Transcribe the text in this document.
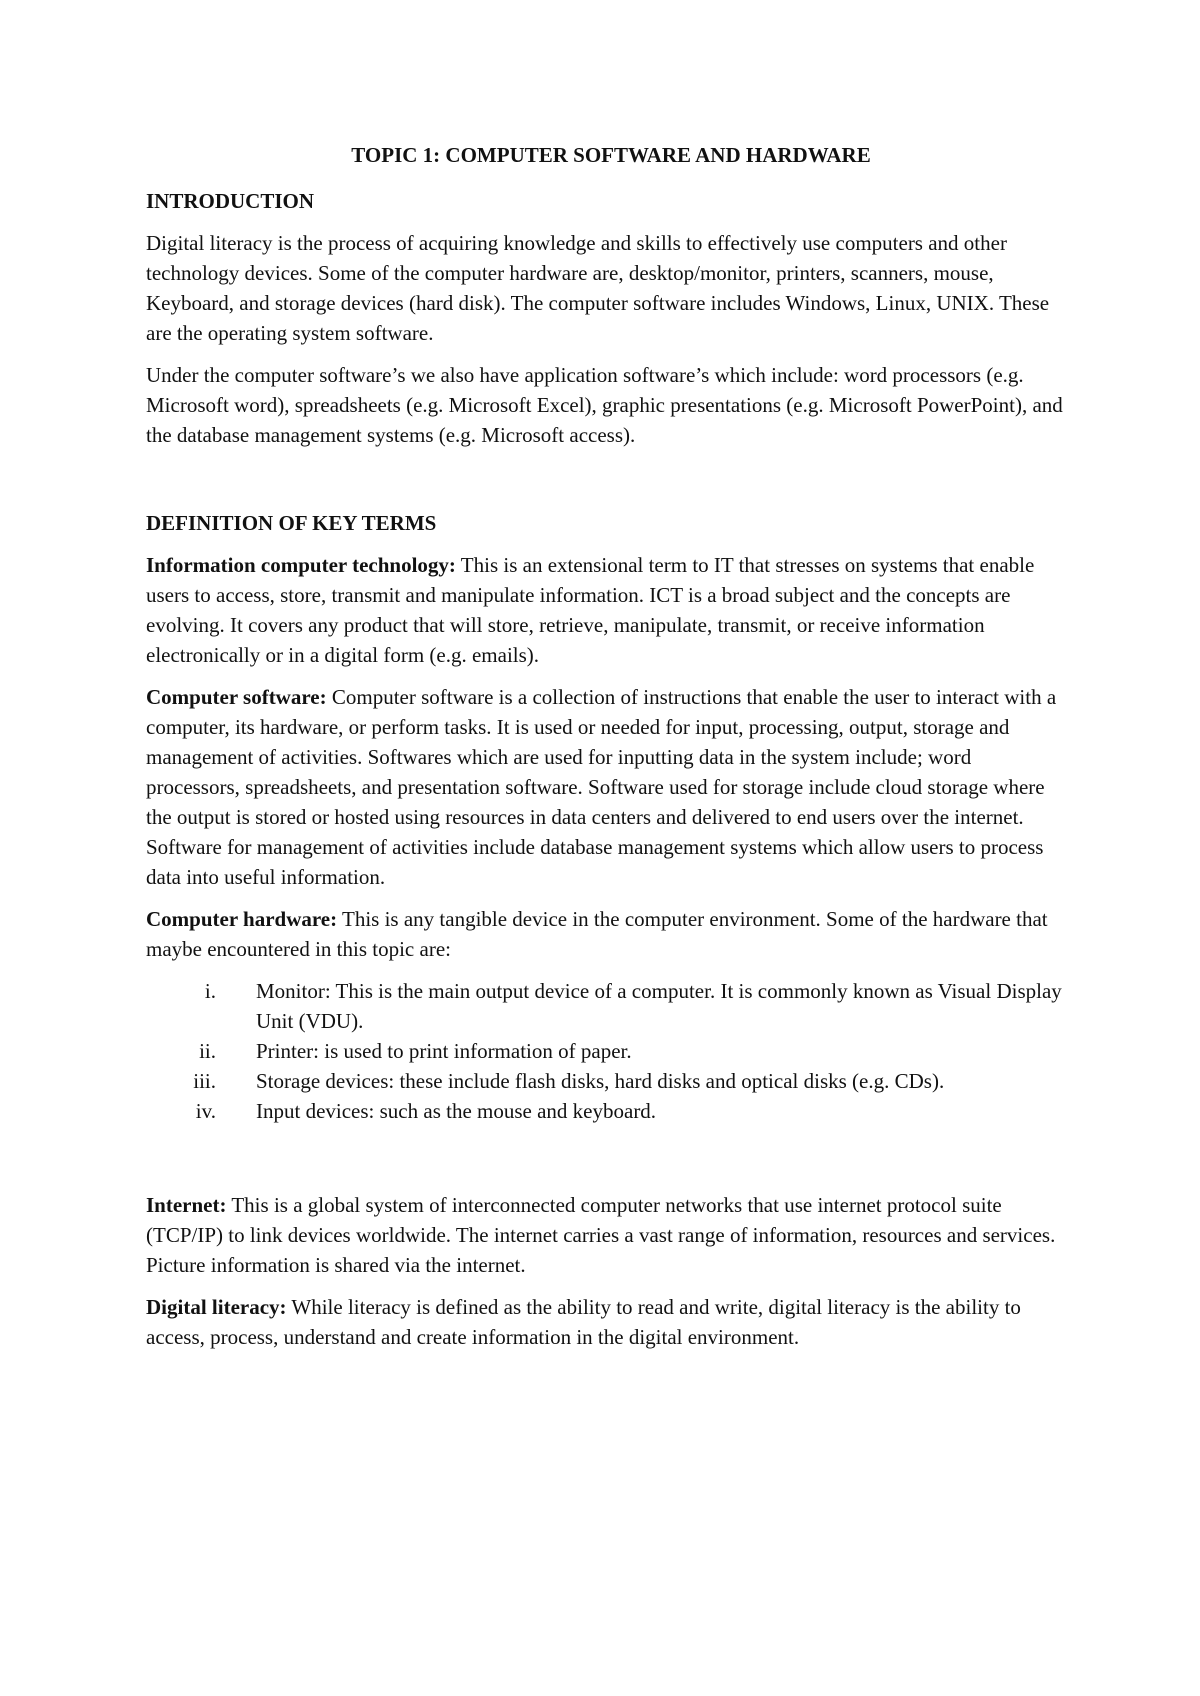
TOPIC 1: COMPUTER SOFTWARE AND HARDWARE
INTRODUCTION

Digital literacy is the process of acquiring knowledge and skills to effectively use computers and other technology devices. Some of the computer hardware are, desktop/monitor, printers, scanners, mouse, Keyboard, and storage devices (hard disk). The computer software includes Windows, Linux, UNIX. These are the operating system software.

Under the computer software’s we also have application software’s which include: word processors (e.g. Microsoft word), spreadsheets (e.g. Microsoft Excel), graphic presentations (e.g. Microsoft PowerPoint), and the database management systems (e.g. Microsoft access).

DEFINITION OF KEY TERMS

Information computer technology: This is an extensional term to IT that stresses on systems that enable users to access, store, transmit and manipulate information. ICT is a broad subject and the concepts are evolving. It covers any product that will store, retrieve, manipulate, transmit, or receive information electronically or in a digital form (e.g. emails).

Computer software: Computer software is a collection of instructions that enable the user to interact with a computer, its hardware, or perform tasks. It is used or needed for input, processing, output, storage and management of activities. Softwares which are used for inputting data in the system include; word processors, spreadsheets, and presentation software. Software used for storage include cloud storage where the output is stored or hosted using resources in data centers and delivered to end users over the internet. Software for management of activities include database management systems which allow users to process data into useful information.

Computer hardware: This is any tangible device in the computer environment. Some of the hardware that maybe encountered in this topic are:

i. Monitor: This is the main output device of a computer. It is commonly known as Visual Display Unit (VDU).
ii. Printer: is used to print information of paper.
iii. Storage devices: these include flash disks, hard disks and optical disks (e.g. CDs).
iv. Input devices: such as the mouse and keyboard.

Internet: This is a global system of interconnected computer networks that use internet protocol suite (TCP/IP) to link devices worldwide. The internet carries a vast range of information, resources and services. Picture information is shared via the internet.

Digital literacy: While literacy is defined as the ability to read and write, digital literacy is the ability to access, process, understand and create information in the digital environment.
